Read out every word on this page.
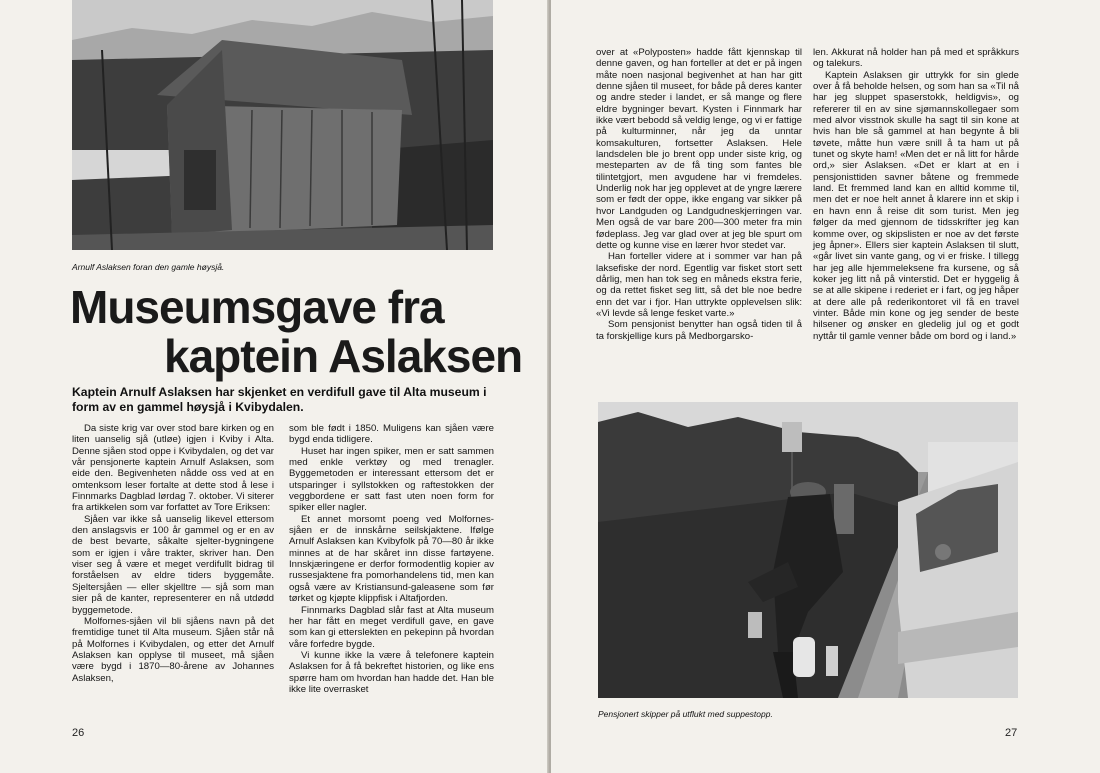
Arnulf Aslaksen foran den gamle høysjå.
Museumsgave fra
kaptein Aslaksen
Kaptein Arnulf Aslaksen har skjenket en verdifull gave til Alta museum i form av en gammel høysjå i Kvibydalen.

Da siste krig var over stod bare kirken og en liten uanselig sjå (utløe) igjen i Kviby i Alta. Denne sjåen stod oppe i Kvibydalen, og det var vår pensjonerte kaptein Arnulf Aslaksen, som eide den. Begivenheten nådde oss ved at en omtenksom leser fortalte at dette stod å lese i Finnmarks Dagblad lørdag 7. oktober. Vi siterer fra artikkelen som var forfattet av Tore Eriksen:

Sjåen var ikke så uanselig likevel ettersom den anslagsvis er 100 år gammel og er en av de best bevarte, såkalte sjelter-bygningene som er igjen i våre trakter, skriver han. Den viser seg å være et meget verdifullt bidrag til forståelsen av eldre tiders byggemåte. Sjeltersjåen — eller skjelltre — sjå som man sier på de kanter, representerer en nå utdødd byggemetode.

Molfornes-sjåen vil bli sjåens navn på det fremtidige tunet til Alta museum. Sjåen står nå på Molfornes i Kvibydalen, og etter det Arnulf Aslaksen kan opplyse til museet, må sjåen være bygd i 1870—80-årene av Johannes Aslaksen,

som ble født i 1850. Muligens kan sjåen være bygd enda tidligere.

Huset har ingen spiker, men er satt sammen med enkle verktøy og med trenagler. Byggemetoden er interessant ettersom det er utsparinger i syllstokken og raftestokken der veggbordene er satt fast uten noen form for spiker eller nagler.

Et annet morsomt poeng ved Molfornes-sjåen er de innskårne seilskjaktene. Ifølge Arnulf Aslaksen kan Kvibyfolk på 70—80 år ikke minnes at de har skåret inn disse fartøyene. Innskjæringene er derfor formodentlig kopier av russesjaktene fra pomorhandelens tid, men kan også være av Kristiansund-galeasene som før tørket og kjøpte klippfisk i Altafjorden.

Finnmarks Dagblad slår fast at Alta museum her har fått en meget verdifull gave, en gave som kan gi etterslekten en pekepinn på hvordan våre forfedre bygde.

Vi kunne ikke la være å telefonere kaptein Aslaksen for å få bekreftet historien, og like ens spørre ham om hvordan han hadde det. Han ble ikke lite overrasket

26

over at «Polyposten» hadde fått kjennskap til denne gaven, og han forteller at det er på ingen måte noen nasjonal begivenhet at han har gitt denne sjåen til museet, for både på deres kanter og andre steder i landet, er så mange og flere eldre bygninger bevart. Kysten i Finnmark har ikke vært bebodd så veldig lenge, og vi er fattige på kulturminner, når jeg da unntar komsakulturen, fortsetter Aslaksen. Hele landsdelen ble jo brent opp under siste krig, og mesteparten av de få ting som fantes ble tilintetgjort, men avgudene har vi fremdeles. Underlig nok har jeg opplevet at de yngre lærere som er født der oppe, ikke engang var sikker på hvor Landguden og Landgudneskjerringen var. Men også de var bare 200—300 meter fra min fødeplass. Jeg var glad over at jeg ble spurt om dette og kunne vise en lærer hvor stedet var.

Han forteller videre at i sommer var han på laksefiske der nord. Egentlig var fisket stort sett dårlig, men han tok seg en måneds ekstra ferie, og da rettet fisket seg litt, så det ble noe bedre enn det var i fjor. Han uttrykte opplevelsen slik: «Vi levde så lenge fesket varte.»

Som pensjonist benytter han også tiden til å ta forskjellige kurs på Medborgarsko-

len. Akkurat nå holder han på med et språkkurs og talekurs.

Kaptein Aslaksen gir uttrykk for sin glede over å få beholde helsen, og som han sa «Til nå har jeg sluppet spaserstokk, heldigvis», og refererer til en av sine sjømannskollegaer som med alvor visstnok skulle ha sagt til sin kone at hvis han ble så gammel at han begynte å bli tøvete, måtte hun være snill å ta ham ut på tunet og skyte ham! «Men det er nå litt for hårde ord,» sier Aslaksen. «Det er klart at en i pensjonisttiden savner båtene og fremmede land. Et fremmed land kan en alltid komme til, men det er noe helt annet å klarere inn et skip i en havn enn å reise dit som turist. Men jeg følger da med gjennom de tidsskrifter jeg kan komme over, og skipslisten er noe av det første jeg åpner». Ellers sier kaptein Aslaksen til slutt, «går livet sin vante gang, og vi er friske. I tillegg har jeg alle hjemmeleksene fra kursene, og så koker jeg litt nå på vinterstid. Det er hyggelig å se at alle skipene i rederiet er i fart, og jeg håper at dere alle på rederikontoret vil få en travel vinter. Både min kone og jeg sender de beste hilsener og ønsker en gledelig jul og et godt nyttår til gamle venner både om bord og i land.»

Pensjonert skipper på utflukt med suppestopp.
27
